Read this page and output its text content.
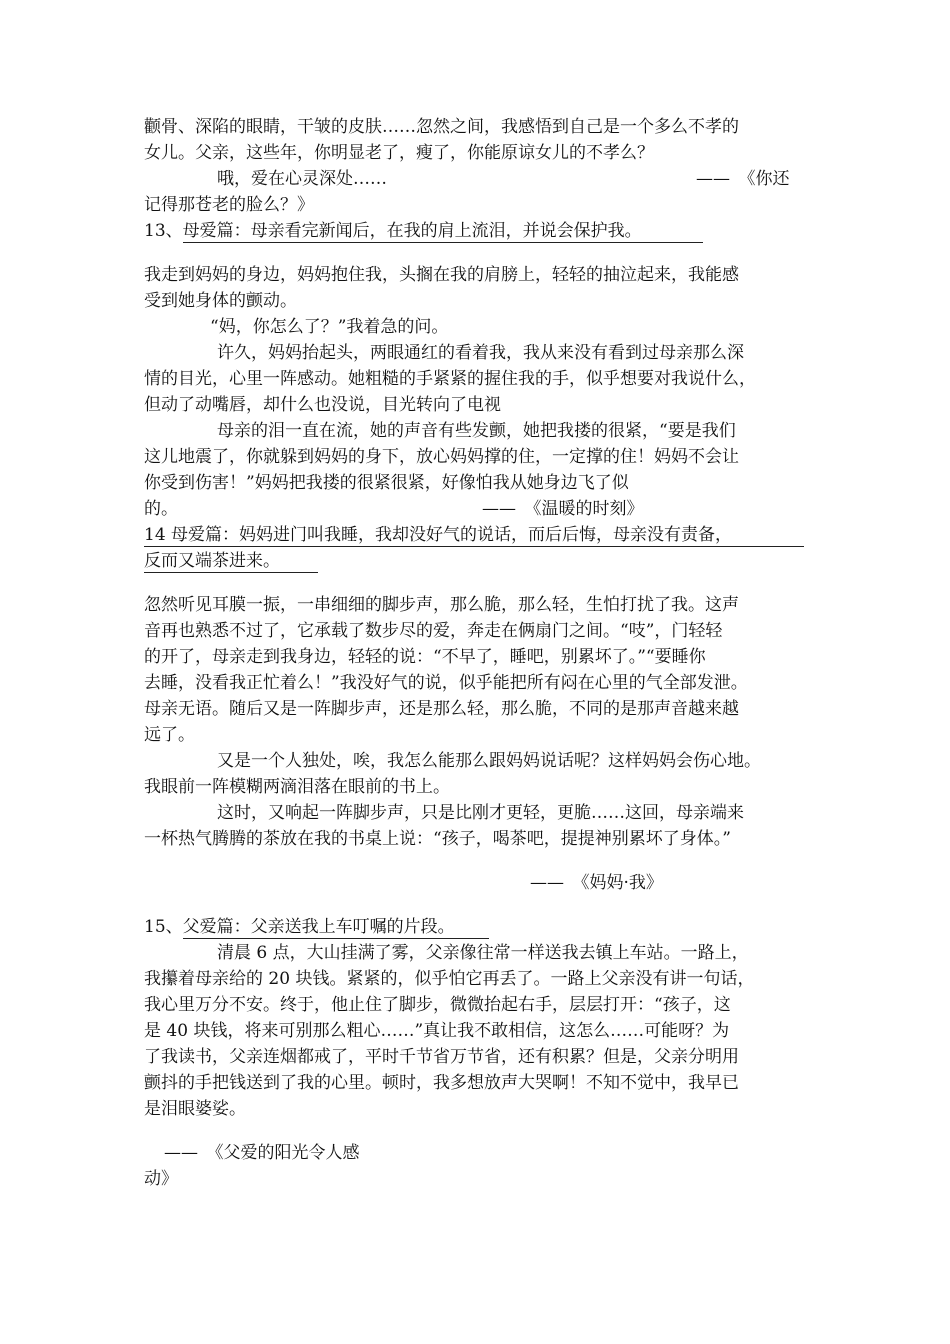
颧骨、深陷的眼睛，干皱的皮肤……忽然之间，我感悟到自己是一个多么不孝的
女儿。父亲，这些年，你明显老了，瘦了，你能原谅女儿的不孝么？
哦，爱在心灵深处……	——　《你还
记得那苍老的脸么？》
13、母爱篇：母亲看完新闻后，在我的肩上流泪，并说会保护我。
我走到妈妈的身边，妈妈抱住我，头搁在我的肩膀上，轻轻的抽泣起来，我能感
受到她身体的颤动。
“妈，你怎么了？”我着急的问。
许久，妈妈抬起头，两眼通红的看着我，我从来没有看到过母亲那么深
情的目光，心里一阵感动。她粗糙的手紧紧的握住我的手，似乎想要对我说什么，
但动了动嘴唇，却什么也没说，目光转向了电视
母亲的泪一直在流，她的声音有些发颤，她把我搂的很紧，“要是我们
这儿地震了，你就躲到妈妈的身下，放心妈妈撑的住，一定撑的住！妈妈不会让
你受到伤害！”妈妈把我搂的很紧很紧，好像怕我从她身边飞了似
的。	——　《温暖的时刻》
14 母爱篇：妈妈进门叫我睡，我却没好气的说话，而后后悔，母亲没有责备，
反而又端茶进来。
忽然听见耳膜一振，一串细细的脚步声，那么脆，那么轻，生怕打扰了我。这声
音再也熟悉不过了，它承载了数步尽的爱，奔走在俩扇门之间。“吱”，门轻轻
的开了，母亲走到我身边，轻轻的说：“不早了，睡吧，别累坏了。”“要睡你
去睡，没看我正忙着么！”我没好气的说，似乎能把所有闷在心里的气全部发泄。
母亲无语。随后又是一阵脚步声，还是那么轻，那么脆，不同的是那声音越来越
远了。
又是一个人独处，唉，我怎么能那么跟妈妈说话呢？这样妈妈会伤心地。
我眼前一阵模糊两滴泪落在眼前的书上。
这时，又响起一阵脚步声，只是比刚才更轻，更脆……这回，母亲端来
一杯热气腾腾的茶放在我的书桌上说：“孩子，喝茶吧，提提神别累坏了身体。”
——　《妈妈·我》
15、父爱篇：父亲送我上车叮嘱的片段。
清晨 6 点，大山挂满了雾，父亲像往常一样送我去镇上车站。一路上，
我攥着母亲给的 20 块钱。紧紧的，似乎怕它再丢了。一路上父亲没有讲一句话，
我心里万分不安。终于，他止住了脚步，微微抬起右手，层层打开：“孩子，这
是 40 块钱，将来可别那么粗心……”真让我不敢相信，这怎么……可能呀？为
了我读书，父亲连烟都戒了，平时千节省万节省，还有积累？但是，父亲分明用
颤抖的手把钱送到了我的心里。顿时，我多想放声大哭啊！不知不觉中，我早已
是泪眼婆娑。
——　《父爱的阳光令人感
动》
